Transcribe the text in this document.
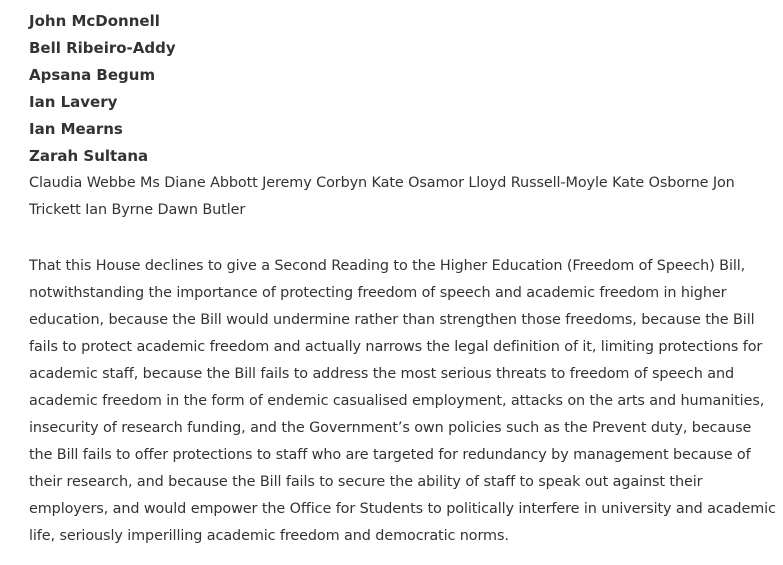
John McDonnell
Bell Ribeiro-Addy
Apsana Begum
Ian Lavery
Ian Mearns
Zarah Sultana

Claudia Webbe Ms Diane Abbott Jeremy Corbyn Kate Osamor Lloyd Russell-Moyle Kate Osborne Jon Trickett Ian Byrne Dawn Butler

That this House declines to give a Second Reading to the Higher Education (Freedom of Speech) Bill, notwithstanding the importance of protecting freedom of speech and academic freedom in higher education, because the Bill would undermine rather than strengthen those freedoms, because the Bill fails to protect academic freedom and actually narrows the legal definition of it, limiting protections for academic staff, because the Bill fails to address the most serious threats to freedom of speech and academic freedom in the form of endemic casualised employment, attacks on the arts and humanities, insecurity of research funding, and the Government’s own policies such as the Prevent duty, because the Bill fails to offer protections to staff who are targeted for redundancy by management because of their research, and because the Bill fails to secure the ability of staff to speak out against their employers, and would empower the Office for Students to politically interfere in university and academic life, seriously imperilling academic freedom and democratic norms.
